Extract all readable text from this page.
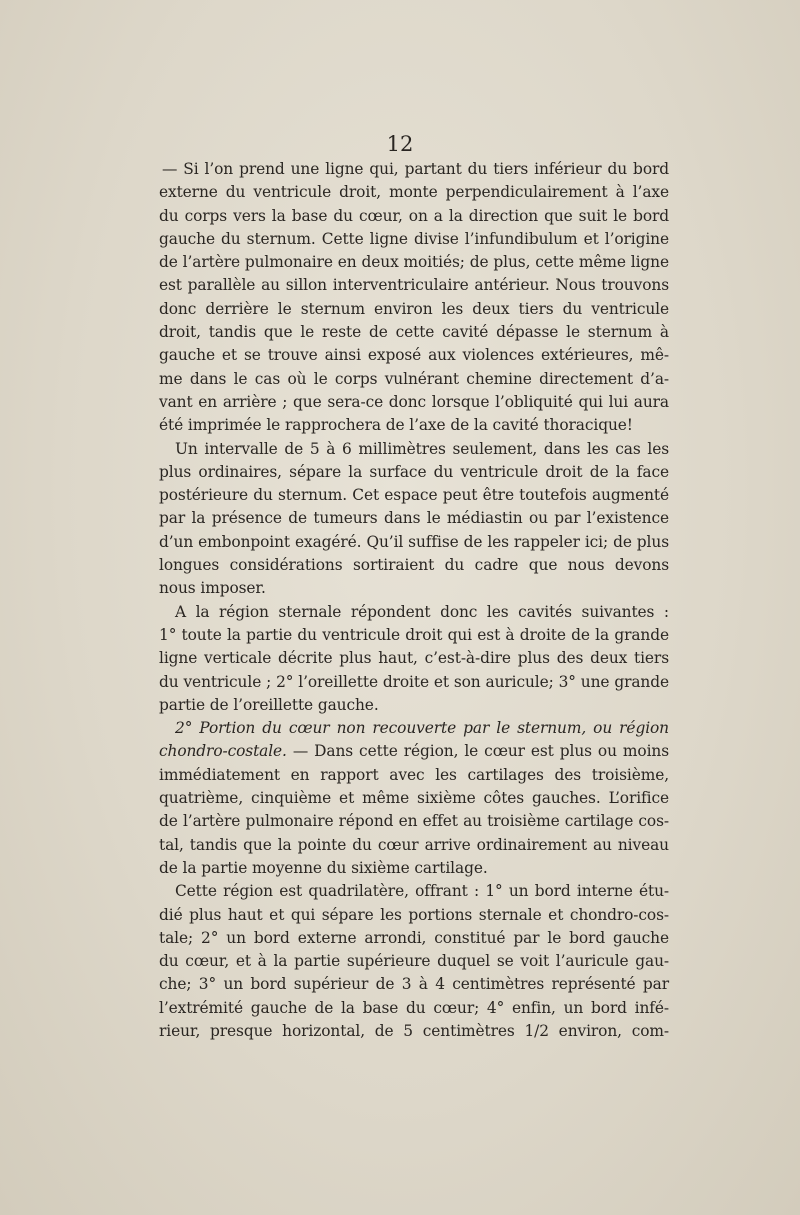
12
— Si l’on prend une ligne qui, partant du tiers inférieur du bord
externe du ventricule droit, monte perpendiculairement à l’axe
du corps vers la base du cœur, on a la direction que suit le bord
gauche du sternum. Cette ligne divise l’infundibulum et l’origine
de l’artère pulmonaire en deux moitiés; de plus, cette même ligne
est parallèle au sillon interventriculaire antérieur. Nous trouvons
donc derrière le sternum environ les deux tiers du ventricule
droit, tandis que le reste de cette cavité dépasse le sternum à
gauche et se trouve ainsi exposé aux violences extérieures, mê-
me dans le cas où le corps vulnérant chemine directement d’a-
vant en arrière ; que sera-ce donc lorsque l’obliquité qui lui aura
été imprimée le rapprochera de l’axe de la cavité thoracique!
Un intervalle de 5 à 6 millimètres seulement, dans les cas les
plus ordinaires, sépare la surface du ventricule droit de la face
postérieure du sternum. Cet espace peut être toutefois augmenté
par la présence de tumeurs dans le médiastin ou par l’existence
d’un embonpoint exagéré. Qu’il suffise de les rappeler ici; de plus
longues considérations sortiraient du cadre que nous devons
nous imposer.
A la région sternale répondent donc les cavités suivantes :
1° toute la partie du ventricule droit qui est à droite de la grande
ligne verticale décrite plus haut, c’est-à-dire plus des deux tiers
du ventricule ; 2° l’oreillette droite et son auricule; 3° une grande
partie de l’oreillette gauche.
2° Portion du cœur non recouverte par le sternum, ou région
chondro-costale. — Dans cette région, le cœur est plus ou moins
immédiatement en rapport avec les cartilages des troisième,
quatrième, cinquième et même sixième côtes gauches. L’orifice
de l’artère pulmonaire répond en effet au troisième cartilage cos-
tal, tandis que la pointe du cœur arrive ordinairement au niveau
de la partie moyenne du sixième cartilage.
Cette région est quadrilatère, offrant : 1° un bord interne étu-
dié plus haut et qui sépare les portions sternale et chondro-cos-
tale; 2° un bord externe arrondi, constitué par le bord gauche
du cœur, et à la partie supérieure duquel se voit l’auricule gau-
che; 3° un bord supérieur de 3 à 4 centimètres représenté par
l’extrémité gauche de la base du cœur; 4° enfin, un bord infé-
rieur, presque horizontal, de 5 centimètres 1/2 environ, com-
